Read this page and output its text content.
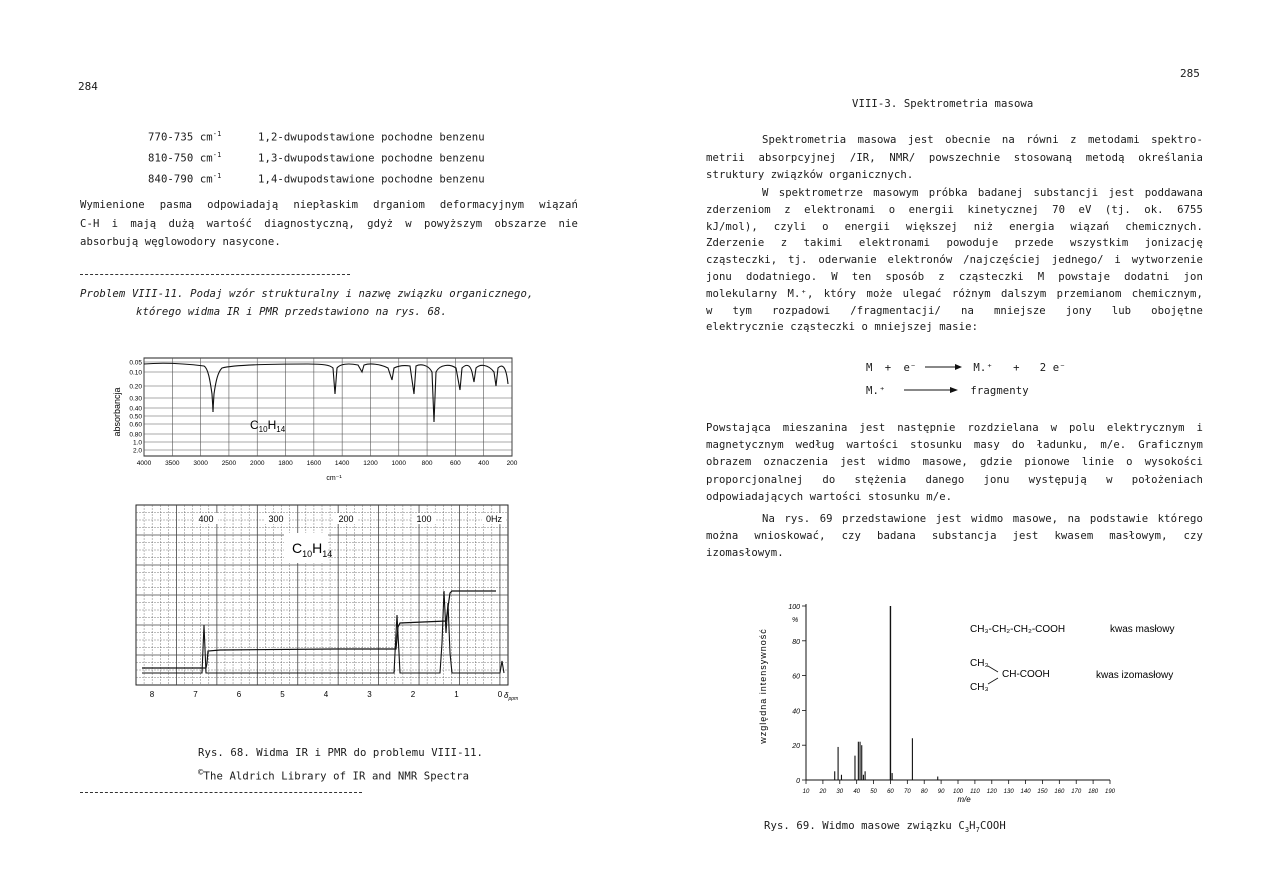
284
770-735 $cm^{-1}$	1,2-dwupodstawione pochodne benzenu
810-750 $cm^{-1}$	1,3-dwupodstawione pochodne benzenu
840-790 $cm^{-1}$	1,4-dwupodstawione pochodne benzenu
Wymienione pasma odpowiadają niepłaskim drganiom deformacyjnym wiązań
C-H i mają dużą wartość diagnostyczną, gdyż w powyższym obszarze nie
absorbują węglowodory nasycone.
Problem VIII-11. Podaj wzór strukturalny i nazwę związku organicznego,
którego widma IR i PMR przedstawiono na rys. 68.
0.05
0.10
0.20
0.30
0.40
0.50
0.60
0.80
1.0
2.0
4000 3500 3000 2500 2000 1800 1600 1400 1200 1000 800	600	400	200
$C_{10}H_{14}$
absorbancja
cm⁻¹
400	300	200	100	0Hz
8	7	6	5	4	3	2	1	0 $\delta_{ppm}$
$C_{10}H_{14}$
Rys. 68. Widma IR i PMR do problemu VIII-11.
©The Aldrich Library of IR and NMR Spectra
285
VIII-3. Spektrometria masowa
Spektrometria masowa jest obecnie na równi z metodami spektro-
metrii absorpcyjnej /IR, NMR/ powszechnie stosowaną metodą określania
struktury związków organicznych.
W spektrometrze masowym próbka badanej substancji jest poddawana
zderzeniom z elektronami o energii kinetycznej 70 eV (tj. ok. 6755
kJ/mol), czyli o energii większej niż energia wiązań chemicznych.
Zderzenie z takimi elektronami powoduje przede wszystkim jonizację
cząsteczki, tj. oderwanie elektronów /najczęściej jednego/ i wytworzenie
jonu dodatniego. W ten sposób z cząsteczki M powstaje dodatni jon
molekularny M.⁺, który może ulegać różnym dalszym przemianom chemicznym,
w tym rozpadowi /fragmentacji/ na mniejsze jony lub obojętne
elektrycznie cząsteczki o mniejszej masie:
M + e⁻	M.⁺ + 2 e⁻
M.⁺	fragmenty
Powstająca mieszanina jest następnie rozdzielana w polu elektrycznym i
magnetycznym według wartości stosunku masy do ładunku, m/e. Graficznym
obrazem oznaczenia jest widmo masowe, gdzie pionowe linie o wysokości
proporcjonalnej do stężenia danego jonu występują w położeniach
odpowiadających wartości stosunku m/e.
Na rys. 69 przedstawione jest widmo masowe, na podstawie którego
można wnioskować, czy badana substancja jest kwasem masłowym, czy
izomasłowym.
względna intensywność
0
20
40
60
80
100
10 20 30 40 50 60 70 80 90 100 110 120 130 140 150 160 170 180 190
%
m/e
CH₃-CH₂-CH₂-COOH	kwas masłowy
CH₃
CH-COOH
CH₃
kwas izomasłowy
Rys. 69. Widmo masowe związku $C_3H_7COOH$
